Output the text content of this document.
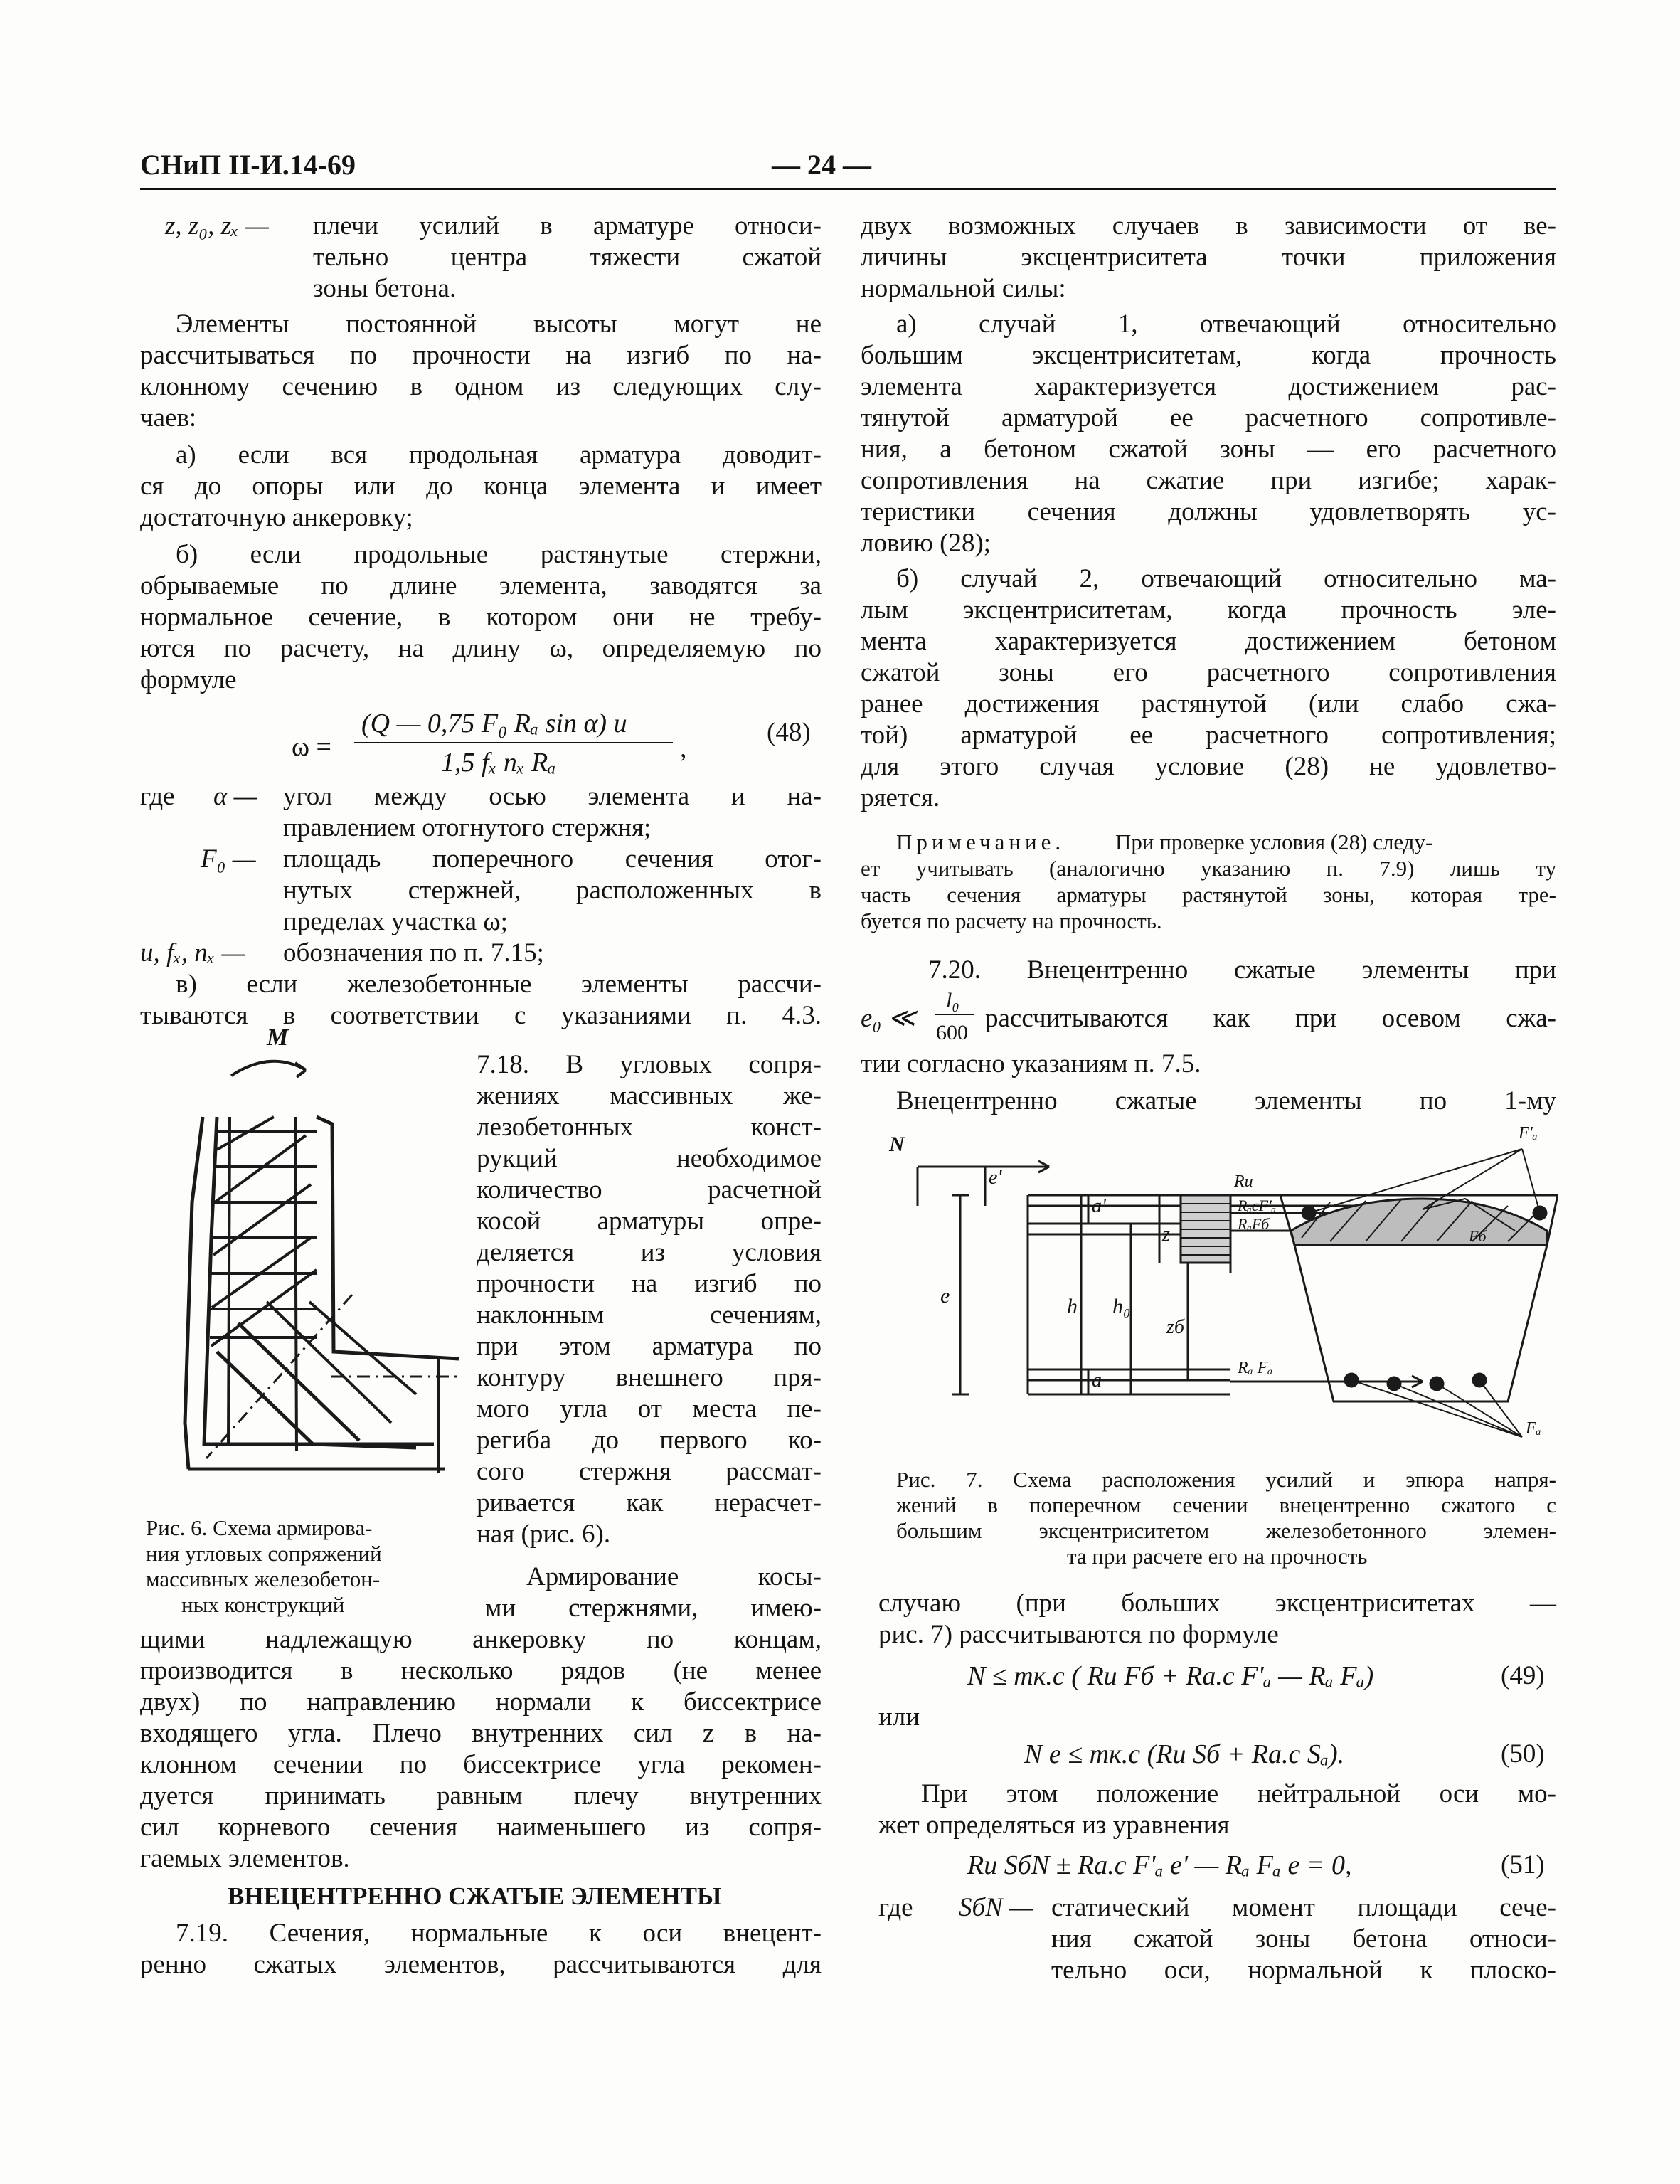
СНиП II-И.14-69	— 24 —
z, z₀, zₓ — плечи усилий в арматуре относи-
тельно центра тяжести сжатой
зоны бетона.
Элементы постоянной высоты могут не
рассчитываться по прочности на изгиб по на-
клонному сечению в одном из следующих слу-
чаев:
а) если вся продольная арматура доводит-
ся до опоры или до конца элемента и имеет
достаточную анкеровку;
б) если продольные растянутые стержни,
обрываемые по длине элемента, заводятся за
нормальное сечение, в котором они не требу-
ются по расчету, на длину ω, определяемую по
формуле
ω =
(Q — 0,75 F₀ Rₐ sin α) u
1,5 fₓ nₓ Rₐ	,
(48)
где α — угол между осью элемента и на-
правлением отогнутого стержня;
F₀ — площадь поперечного сечения отог-
нутых стержней, расположенных в
пределах участка ω;
u, fₓ, nₓ — обозначения по п. 7.15;
в) если железобетонные элементы рассчи-
тываются в соответствии с указаниями п. 4.3.
М
Рис. 6. Схема армирова-
ния угловых сопряжений
массивных железобетон-
ных конструкций
7.18. В угловых сопря-
жениях массивных же-
лезобетонных конст-
рукций необходимое
количество расчетной
косой арматуры опре-
деляется из условия
прочности на изгиб по
наклонным сечениям,
при этом арматура по
контуру внешнего пря-
мого угла от места пе-
региба до первого ко-
сого стержня рассмат-
ривается как нерасчет-
ная (рис. 6).
Армирование косы-
ми стержнями, имею-
щими надлежащую анкеровку по концам,
производится в несколько рядов (не менее
двух) по направлению нормали к биссектрисе
входящего угла. Плечо внутренних сил z в на-
клонном сечении по биссектрисе угла рекомен-
дуется принимать равным плечу внутренних
сил корневого сечения наименьшего из сопря-
гаемых элементов.
ВНЕЦЕНТРЕННО СЖАТЫЕ ЭЛЕМЕНТЫ
7.19. Сечения, нормальные к оси внецент-
ренно сжатых элементов, рассчитываются для
двух возможных случаев в зависимости от ве-
личины эксцентриситета точки приложения
нормальной силы:
а) случай 1, отвечающий относительно
большим эксцентриситетам, когда прочность
элемента характеризуется достижением рас-
тянутой арматурой ее расчетного сопротивле-
ния, а бетоном сжатой зоны — его расчетного
сопротивления на сжатие при изгибе; харак-
теристики сечения должны удовлетворять ус-
ловию (28);
б) случай 2, отвечающий относительно ма-
лым эксцентриситетам, когда прочность эле-
мента характеризуется достижением бетоном
сжатой зоны его расчетного сопротивления
ранее достижения растянутой (или слабо сжа-
той) арматурой ее расчетного сопротивления;
для этого случая условие (28) не удовлетво-
ряется.
Примечание. При проверке условия (28) следу-
ет учитывать (аналогично указанию п. 7.9) лишь ту
часть сечения арматуры растянутой зоны, которая тре-
буется по расчету на прочность.
7.20. Внецентренно сжатые элементы при
e₀ ≪
l₀
600 рассчитываются как при осевом сжа-
тии согласно указаниям п. 7.5.
Внецентренно сжатые элементы по 1-му
N
e'
a'
e	h h₀
z
zб
a
Rи
RₐcF'ₐ
RₐFб
Rₐ Fₐ
F'ₐ
Fб
Fₐ
Рис. 7. Схема расположения усилий и эпюра напря-
жений в поперечном сечении внецентренно сжатого с
большим эксцентриситетом железобетонного элемен-
та при расчете его на прочность
случаю (при больших эксцентриситетах —
рис. 7) рассчитываются по формуле
N ≤ mк.с ( Rи Fб + Rа.с F'ₐ — Rₐ Fₐ)	(49)
или
N e ≤ mк.с (Rи Sб + Rа.с Sₐ).	(50)
При этом положение нейтральной оси мо-
жет определяться из уравнения
Rи SбN ± Rа.с F'ₐ e' — Rₐ Fₐ e = 0,	(51)
где SбN — статический момент площади сече-
ния сжатой зоны бетона относи-
тельно оси, нормальной к плоско-
